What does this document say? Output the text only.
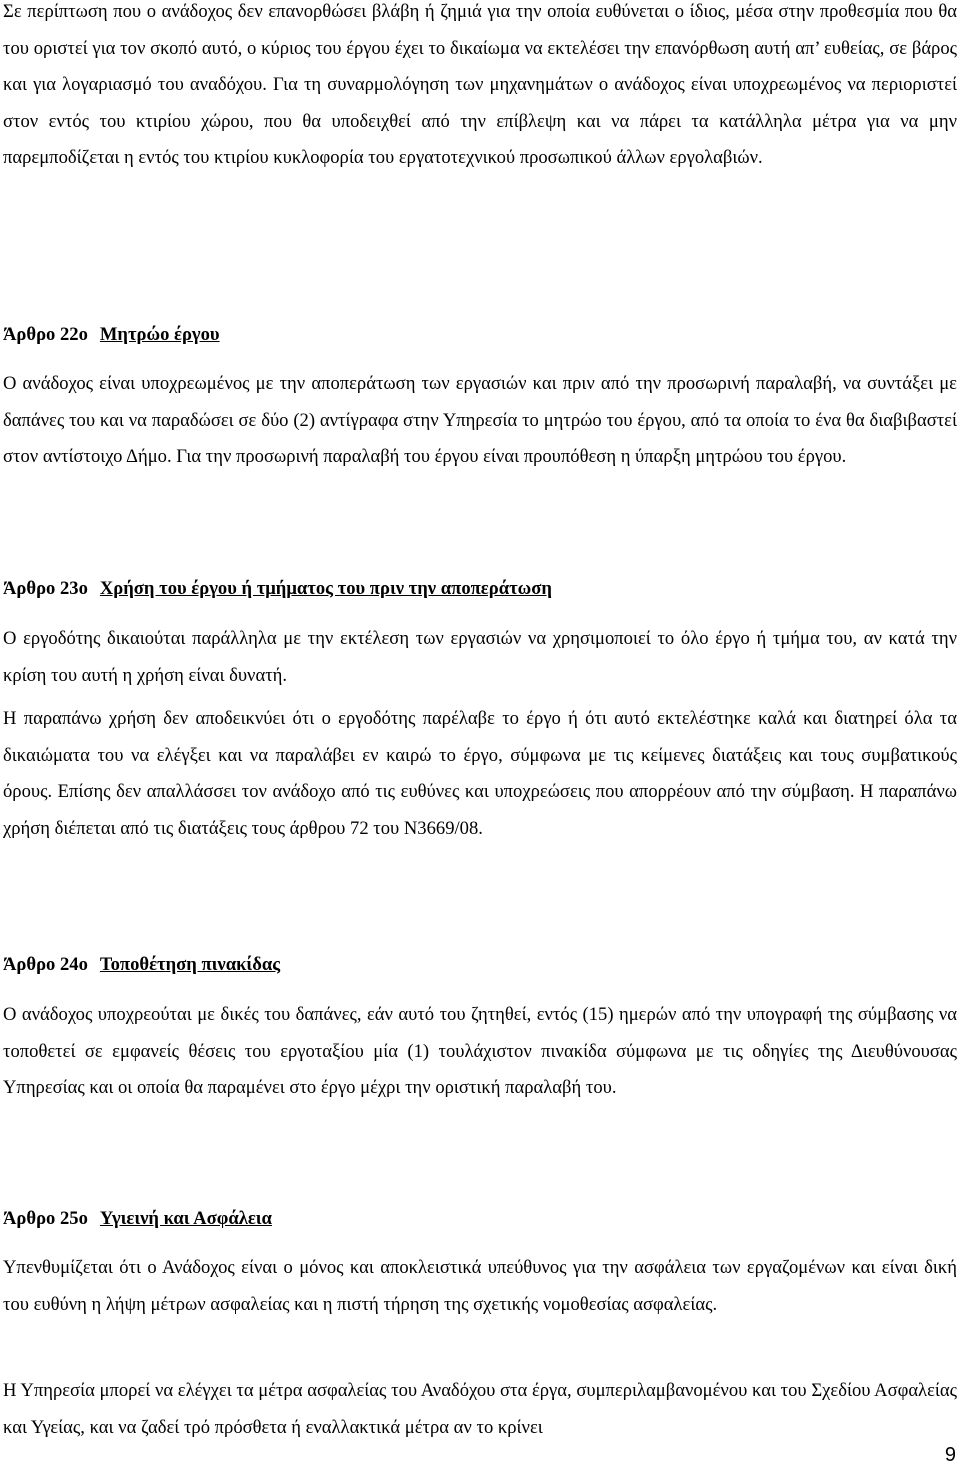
Σε περίπτωση που ο ανάδοχος δεν επανορθώσει βλάβη ή ζημιά για την οποία ευθύνεται ο ίδιος, μέσα στην προθεσμία που θα του οριστεί για τον σκοπό αυτό, ο κύριος του έργου έχει το δικαίωμα να εκτελέσει την επανόρθωση αυτή απ’ ευθείας, σε βάρος και για λογαριασμό του αναδόχου. Για τη συναρμολόγηση των μηχανημάτων ο ανάδοχος είναι υποχρεωμένος να περιοριστεί στον εντός του κτιρίου χώρου, που θα υποδειχθεί από την επίβλεψη και να πάρει τα κατάλληλα μέτρα για να μην παρεμποδίζεται η εντός του κτιρίου κυκλοφορία του εργατοτεχνικού προσωπικού άλλων εργολαβιών.

Άρθρο 22ο Μητρώο έργου

Ο ανάδοχος είναι υποχρεωμένος με την αποπεράτωση των εργασιών και πριν από την προσωρινή παραλαβή, να συντάξει με δαπάνες του και να παραδώσει σε δύο (2) αντίγραφα στην Υπηρεσία το μητρώο του έργου, από τα οποία το ένα θα διαβιβαστεί στον αντίστοιχο Δήμο. Για την προσωρινή παραλαβή του έργου είναι προυπόθεση η ύπαρξη μητρώου του έργου.

Άρθρο 23ο Χρήση του έργου ή τμήματος του πριν την αποπεράτωση

Ο εργοδότης δικαιούται παράλληλα με την εκτέλεση των εργασιών να χρησιμοποιεί το όλο έργο ή τμήμα του, αν κατά την κρίση του αυτή η χρήση είναι δυνατή.

Η παραπάνω χρήση δεν αποδεικνύει ότι ο εργοδότης παρέλαβε το έργο ή ότι αυτό εκτελέστηκε καλά και διατηρεί όλα τα δικαιώματα του να ελέγξει και να παραλάβει εν καιρώ το έργο, σύμφωνα με τις κείμενες διατάξεις και τους συμβατικούς όρους. Επίσης δεν απαλλάσσει τον ανάδοχο από τις ευθύνες και υποχρεώσεις που απορρέουν από την σύμβαση. Η παραπάνω χρήση διέπεται από τις διατάξεις τους άρθρου 72 του Ν3669/08.

Άρθρο 24ο Τοποθέτηση πινακίδας

Ο ανάδοχος υποχρεούται με δικές του δαπάνες, εάν αυτό του ζητηθεί, εντός (15) ημερών από την υπογραφή της σύμβασης να τοποθετεί σε εμφανείς θέσεις του εργοταξίου μία (1) τουλάχιστον πινακίδα σύμφωνα με τις οδηγίες της Διευθύνουσας Υπηρεσίας και οι οποία θα παραμένει στο έργο μέχρι την οριστική παραλαβή του.

Άρθρο 25ο Υγιεινή και Ασφάλεια

Υπενθυμίζεται ότι ο Ανάδοχος είναι ο μόνος και αποκλειστικά υπεύθυνος για την ασφάλεια των εργαζομένων και είναι δική του ευθύνη η λήψη μέτρων ασφαλείας και η πιστή τήρηση της σχετικής νομοθεσίας ασφαλείας.

Η Υπηρεσία μπορεί να ελέγχει τα μέτρα ασφαλείας του Αναδόχου στα έργα, συμπεριλαμβανομένου και του Σχεδίου Ασφαλείας και Υγείας, και να ζαδεί τρό πρόσθετα ή εναλλακτικά μέτρα αν το κρίνει

9
